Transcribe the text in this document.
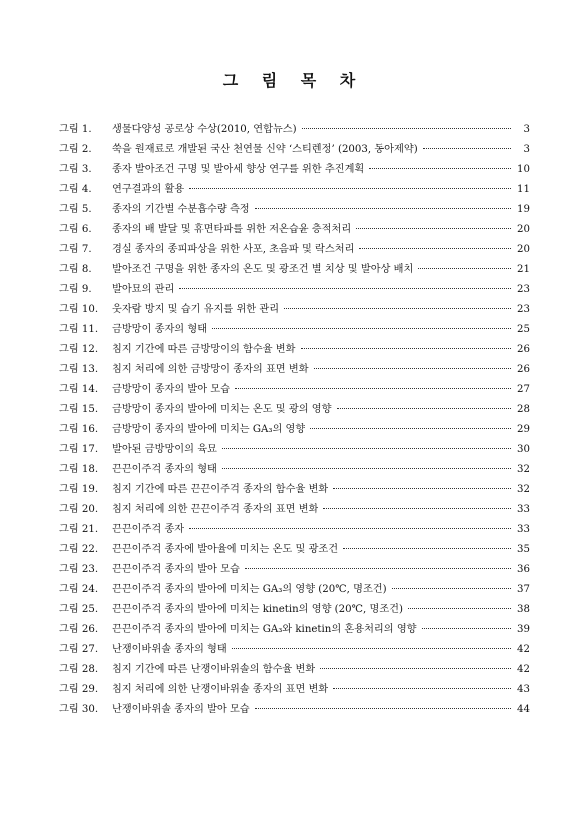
그 림 목 차
그림 1.	생물다양성 공로상 수상(2010, 연합뉴스)	3
그림 2.	쑥을 원재료로 개발된 국산 천연물 신약 ‘스티렌정’ (2003, 동아제약)	3
그림 3.	종자 발아조건 구명 및 발아세 향상 연구를 위한 추진계획	10
그림 4.	연구결과의 활용	11
그림 5.	종자의 기간별 수분흡수량 측정	19
그림 6.	종자의 배 발달 및 휴면타파를 위한 저온습윤 층적처리	20
그림 7.	경실 종자의 종피파상을 위한 사포, 초음파 및 락스처리	20
그림 8.	발아조건 구명을 위한 종자의 온도 및 광조건 별 치상 및 발아상 배치	21
그림 9.	발아묘의 관리	23
그림 10.	웃자람 방지 및 습기 유지를 위한 관리	23
그림 11.	금방망이 종자의 형태	25
그림 12.	침지 기간에 따른 금방망이의 함수율 변화	26
그림 13.	침지 처리에 의한 금방망이 종자의 표면 변화	26
그림 14.	금방망이 종자의 발아 모습	27
그림 15.	금방망이 종자의 발아에 미치는 온도 및 광의 영향	28
그림 16.	금방망이 종자의 발아에 미치는 GA₃의 영향	29
그림 17.	발아된 금방망이의 육묘	30
그림 18.	끈끈이주걱 종자의 형태	32
그림 19.	침지 기간에 따른 끈끈이주걱 종자의 함수율 변화	32
그림 20.	침지 처리에 의한 끈끈이주걱 종자의 표면 변화	33
그림 21.	끈끈이주걱 종자	33
그림 22.	끈끈이주걱 종자에 발아율에 미치는 온도 및 광조건	35
그림 23.	끈끈이주걱 종자의 발아 모습	36
그림 24.	끈끈이주걱 종자의 발아에 미치는 GA₃의 영향 (20℃, 명조건)	37
그림 25.	끈끈이주걱 종자의 발아에 미치는 kinetin의 영향 (20℃, 명조건)	38
그림 26.	끈끈이주걱 종자의 발아에 미치는 GA₃와 kinetin의 혼용처리의 영향	39
그림 27.	난쟁이바위솔 종자의 형태	42
그림 28.	침지 기간에 따른 난쟁이바위솔의 함수율 변화	42
그림 29.	침지 처리에 의한 난쟁이바위솔 종자의 표면 변화	43
그림 30.	난쟁이바위솔 종자의 발아 모습	44
